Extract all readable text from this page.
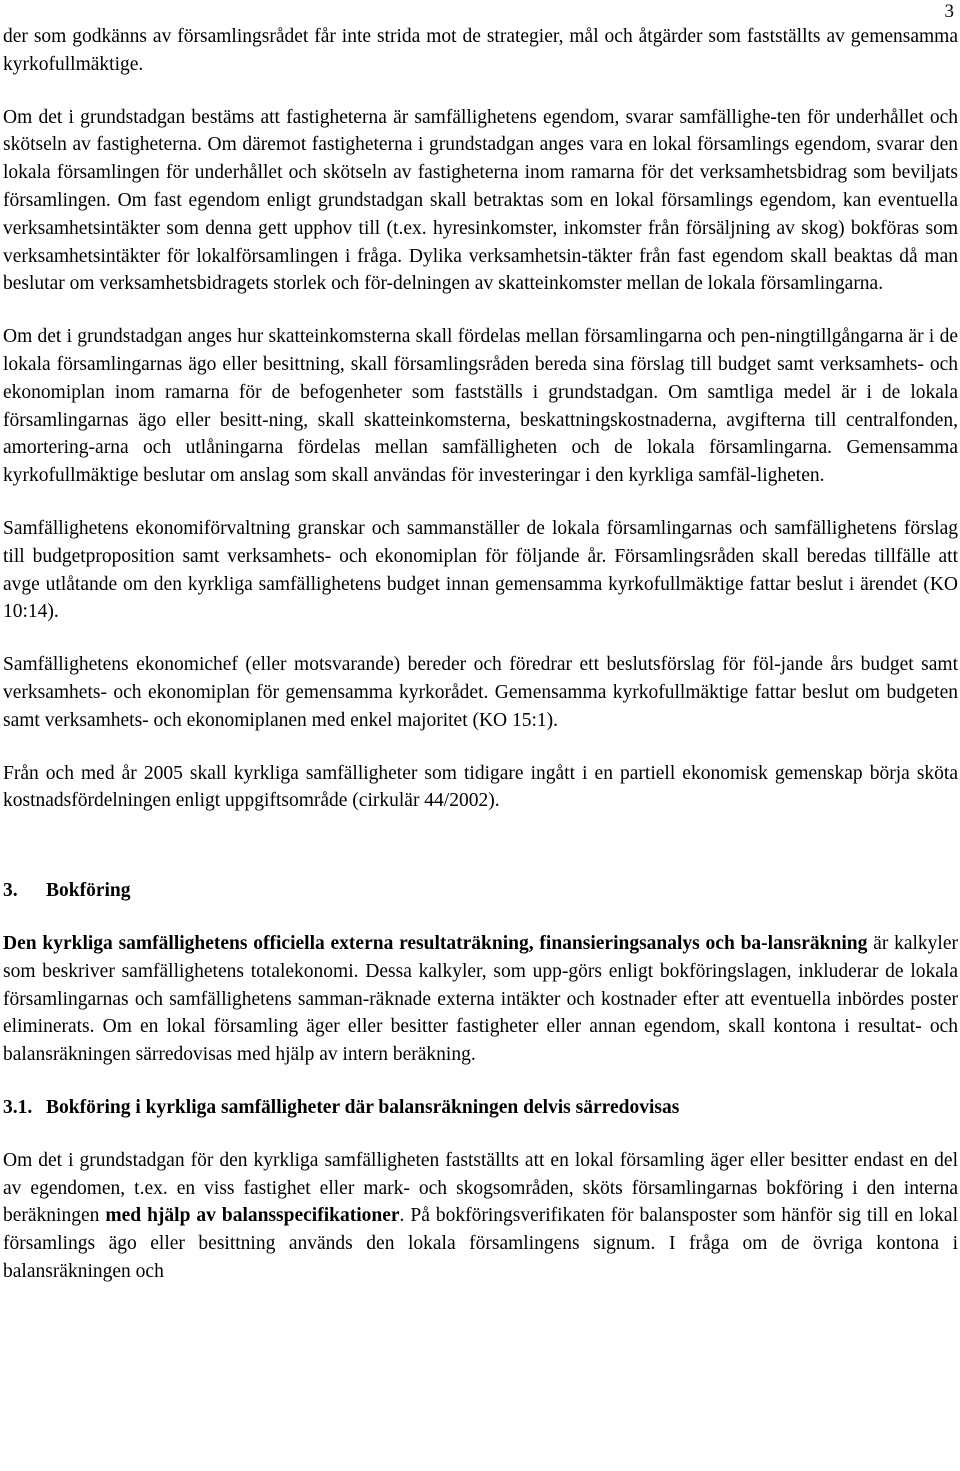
3

der som godkänns av församlingsrådet får inte strida mot de strategier, mål och åtgärder som fastställts av gemensamma kyrkofullmäktige.

Om det i grundstadgan bestäms att fastigheterna är samfällighetens egendom, svarar samfällighe-ten för underhållet och skötseln av fastigheterna. Om däremot fastigheterna i grundstadgan anges vara en lokal församlings egendom, svarar den lokala församlingen för underhållet och skötseln av fastigheterna inom ramarna för det verksamhetsbidrag som beviljats församlingen. Om fast egendom enligt grundstadgan skall betraktas som en lokal församlings egendom, kan eventuella verksamhetsintäkter som denna gett upphov till (t.ex. hyresinkomster, inkomster från försäljning av skog) bokföras som verksamhetsintäkter för lokalförsamlingen i fråga. Dylika verksamhetsin-täkter från fast egendom skall beaktas då man beslutar om verksamhetsbidragets storlek och för-delningen av skatteinkomster mellan de lokala församlingarna.

Om det i grundstadgan anges hur skatteinkomsterna skall fördelas mellan församlingarna och pen-ningtillgångarna är i de lokala församlingarnas ägo eller besittning, skall församlingsråden bereda sina förslag till budget samt verksamhets- och ekonomiplan inom ramarna för de befogenheter som fastställs i grundstadgan. Om samtliga medel är i de lokala församlingarnas ägo eller besitt-ning, skall skatteinkomsterna, beskattningskostnaderna, avgifterna till centralfonden, amortering-arna och utlåningarna fördelas mellan samfälligheten och de lokala församlingarna. Gemensamma kyrkofullmäktige beslutar om anslag som skall användas för investeringar i den kyrkliga samfäl-ligheten.

Samfällighetens ekonomiförvaltning granskar och sammanställer de lokala församlingarnas och samfällighetens förslag till budgetproposition samt verksamhets- och ekonomiplan för följande år. Församlingsråden skall beredas tillfälle att avge utlåtande om den kyrkliga samfällighetens budget innan gemensamma kyrkofullmäktige fattar beslut i ärendet (KO 10:14).

Samfällighetens ekonomichef (eller motsvarande) bereder och föredrar ett beslutsförslag för föl-jande års budget samt verksamhets- och ekonomiplan för gemensamma kyrkorådet. Gemensamma kyrkofullmäktige fattar beslut om budgeten samt verksamhets- och ekonomiplanen med enkel majoritet (KO 15:1).

Från och med år 2005 skall kyrkliga samfälligheter som tidigare ingått i en partiell ekonomisk gemenskap börja sköta kostnadsfördelningen enligt uppgiftsområde (cirkulär 44/2002).

3. Bokföring

Den kyrkliga samfällighetens officiella externa resultaträkning, finansieringsanalys och ba-lansräkning är kalkyler som beskriver samfällighetens totalekonomi. Dessa kalkyler, som upp-görs enligt bokföringslagen, inkluderar de lokala församlingarnas och samfällighetens samman-räknade externa intäkter och kostnader efter att eventuella inbördes poster eliminerats. Om en lokal församling äger eller besitter fastigheter eller annan egendom, skall kontona i resultat- och balansräkningen särredovisas med hjälp av intern beräkning.

3.1. Bokföring i kyrkliga samfälligheter där balansräkningen delvis särredovisas

Om det i grundstadgan för den kyrkliga samfälligheten fastställts att en lokal församling äger eller besitter endast en del av egendomen, t.ex. en viss fastighet eller mark- och skogsområden, sköts församlingarnas bokföring i den interna beräkningen med hjälp av balansspecifikationer. På bokföringsverifikaten för balansposter som hänför sig till en lokal församlings ägo eller besittning används den lokala församlingens signum. I fråga om de övriga kontona i balansräkningen och
